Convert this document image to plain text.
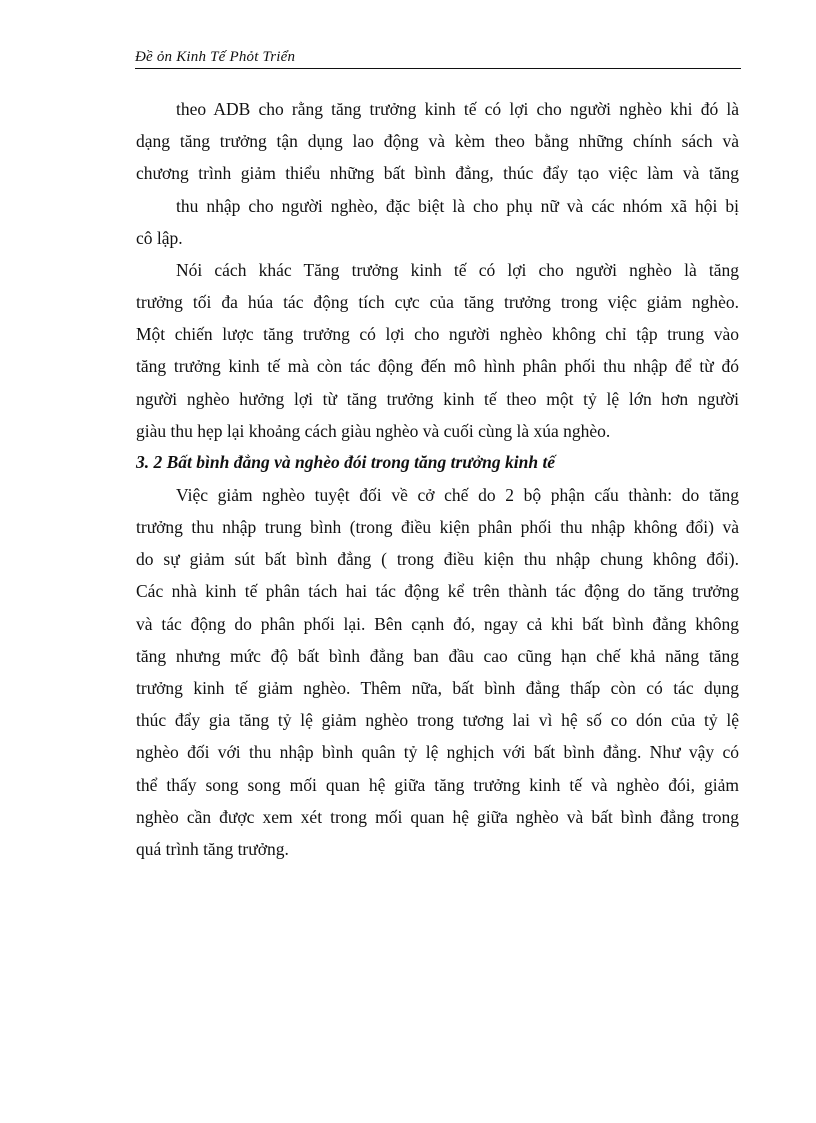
Đề ỏn Kinh Tế Phỏt Triển
theo ADB cho rằng tăng trưởng kinh tế có lợi cho người nghèo khi đó là
dạng tăng trưởng tận dụng lao động và kèm theo bằng những chính sách và
chương trình giảm thiểu những bất bình đẳng, thúc đẩy tạo việc làm và tăng
thu nhập cho người nghèo, đặc biệt là cho phụ nữ và các nhóm xã hội bị
cô lập.
Nói cách khác Tăng trưởng kinh tế có lợi cho người nghèo là tăng
trưởng tối đa húa tác động tích cực của tăng trưởng trong việc giảm nghèo.
Một chiến lược tăng trưởng có lợi cho người nghèo không chỉ tập trung vào
tăng trưởng kinh tế mà còn tác động đến mô hình phân phối thu nhập để từ đó
người nghèo hưởng lợi từ tăng trưởng kinh tế theo một tỷ lệ lớn hơn người
giàu thu hẹp lại khoảng cách giàu nghèo và cuối cùng là xúa nghèo.
3. 2 Bất bình đẳng và nghèo đói trong tăng trưởng kinh tế
Việc giảm nghèo tuyệt đối về cở chế do 2 bộ phận cấu thành: do tăng
trưởng thu nhập trung bình (trong điều kiện phân phối thu nhập không đổi) và
do sự giảm sút bất bình đẳng ( trong điều kiện thu nhập chung không đổi).
Các nhà kinh tế phân tách hai tác động kể trên thành tác động do tăng trưởng
và tác động do phân phối lại. Bên cạnh đó, ngay cả khi bất bình đẳng không
tăng nhưng mức độ bất bình đẳng ban đầu cao cũng hạn chế khả năng tăng
trưởng kinh tế giảm nghèo. Thêm nữa, bất bình đẳng thấp còn có tác dụng
thúc đẩy gia tăng tỷ lệ giảm nghèo trong tương lai vì hệ số co dón của tỷ lệ
nghèo đối với thu nhập bình quân tỷ lệ nghịch với bất bình đẳng. Như vậy có
thể thấy song song mối quan hệ giữa tăng trưởng kinh tế và nghèo đói, giảm
nghèo cần được xem xét trong mối quan hệ giữa nghèo và bất bình đẳng trong
quá trình tăng trưởng.
